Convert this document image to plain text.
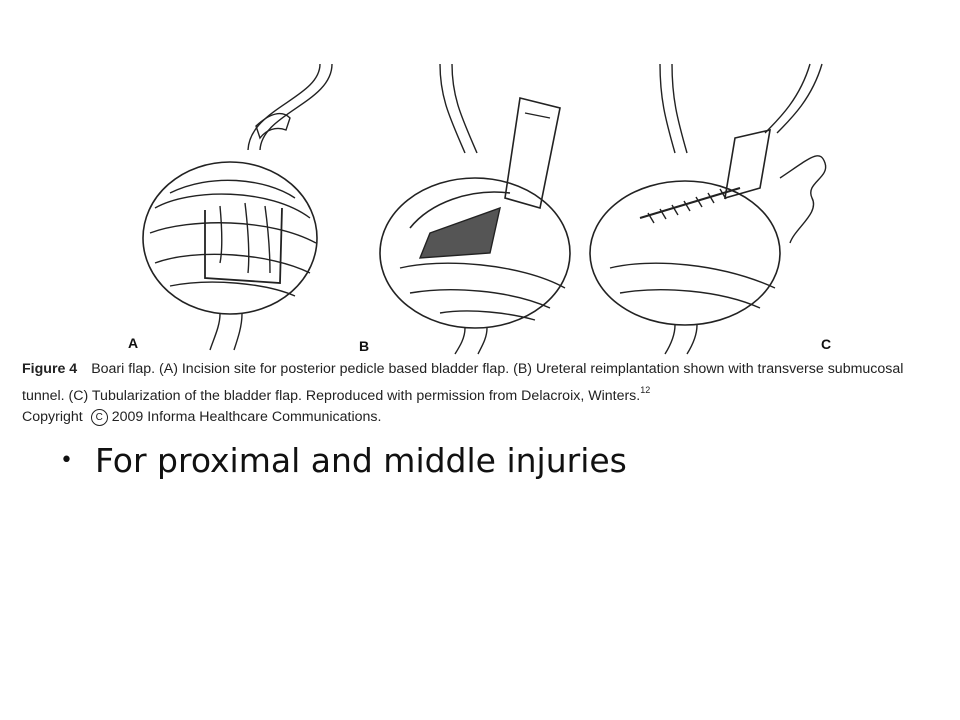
A	B	C
Figure 4 Boari flap. (A) Incision site for posterior pedicle based bladder flap. (B) Ureteral reimplantation shown with transverse submucosal tunnel. (C) Tubularization of the bladder flap. Reproduced with permission from Delacroix, Winters.$^{12}$
Copyright C 2009 Informa Healthcare Communications.
• For proximal and middle injuries
